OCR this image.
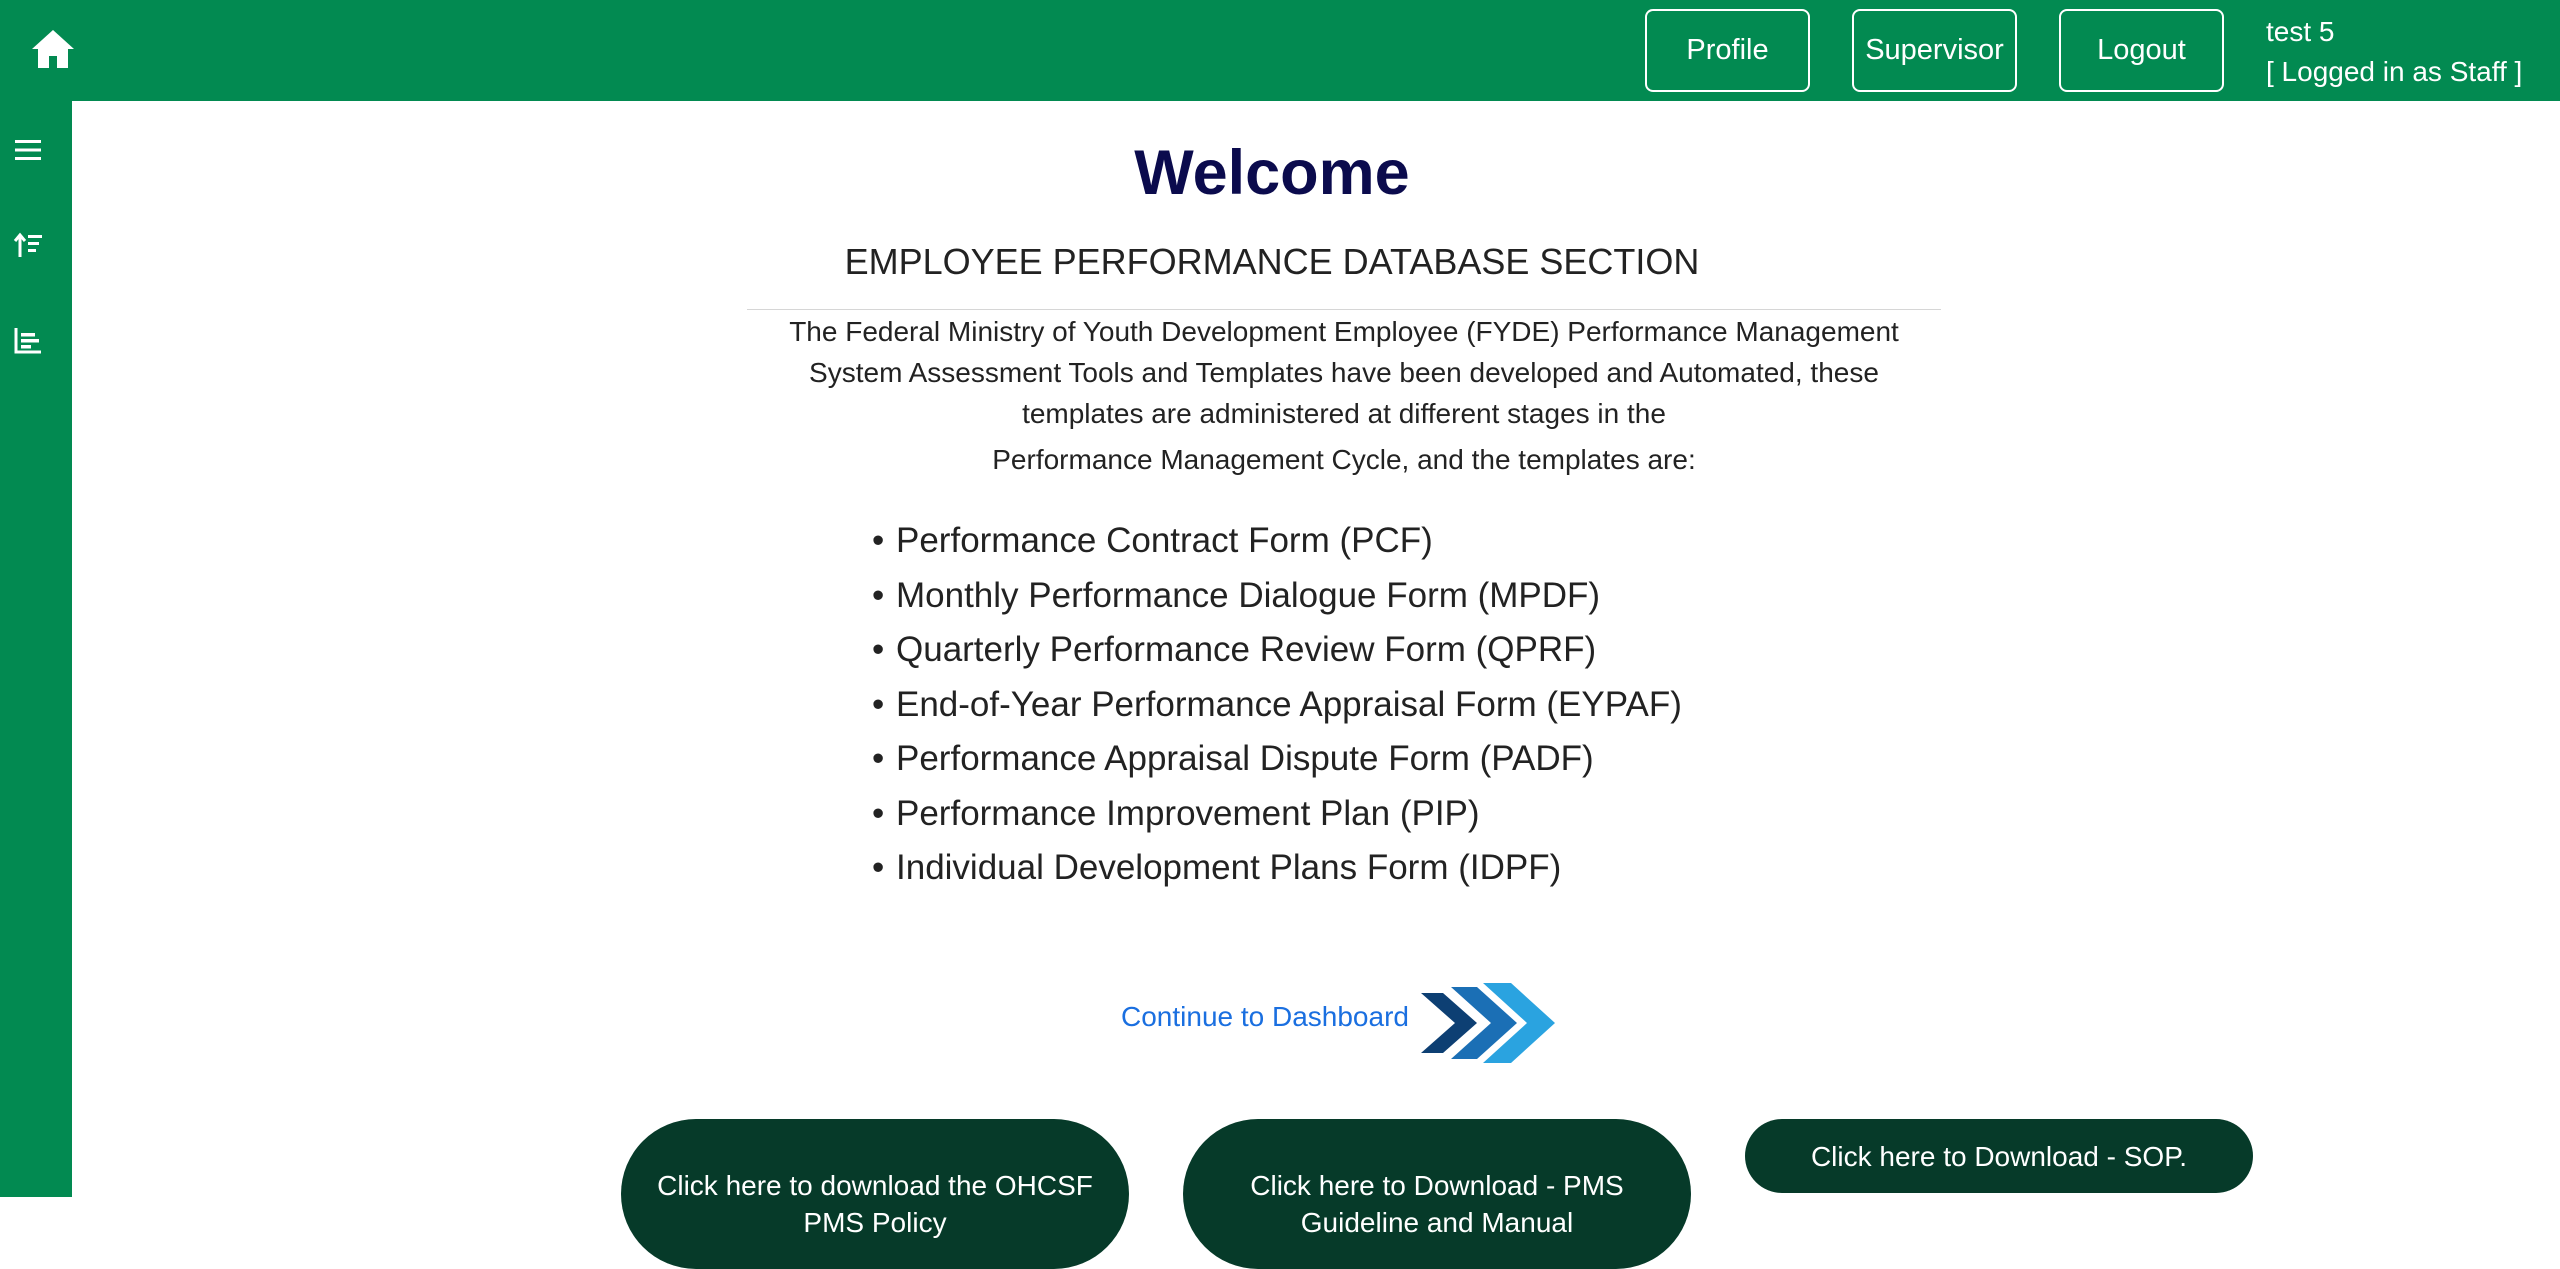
Profile	Supervisor	Logout
test 5
[ Logged in as Staff ]
Welcome
EMPLOYEE PERFORMANCE DATABASE SECTION

The Federal Ministry of Youth Development Employee (FYDE) Performance Management System Assessment Tools and Templates have been developed and Automated, these templates are administered at different stages in the

Performance Management Cycle, and the templates are:

• Performance Contract Form (PCF)
• Monthly Performance Dialogue Form (MPDF)
• Quarterly Performance Review Form (QPRF)
• End-of-Year Performance Appraisal Form (EYPAF)
• Performance Appraisal Dispute Form (PADF)
• Performance Improvement Plan (PIP)
• Individual Development Plans Form (IDPF)
Continue to Dashboard
Click here to download the OHCSF PMS Policy
Click here to Download - PMS Guideline and Manual
Click here to Download - SOP.
